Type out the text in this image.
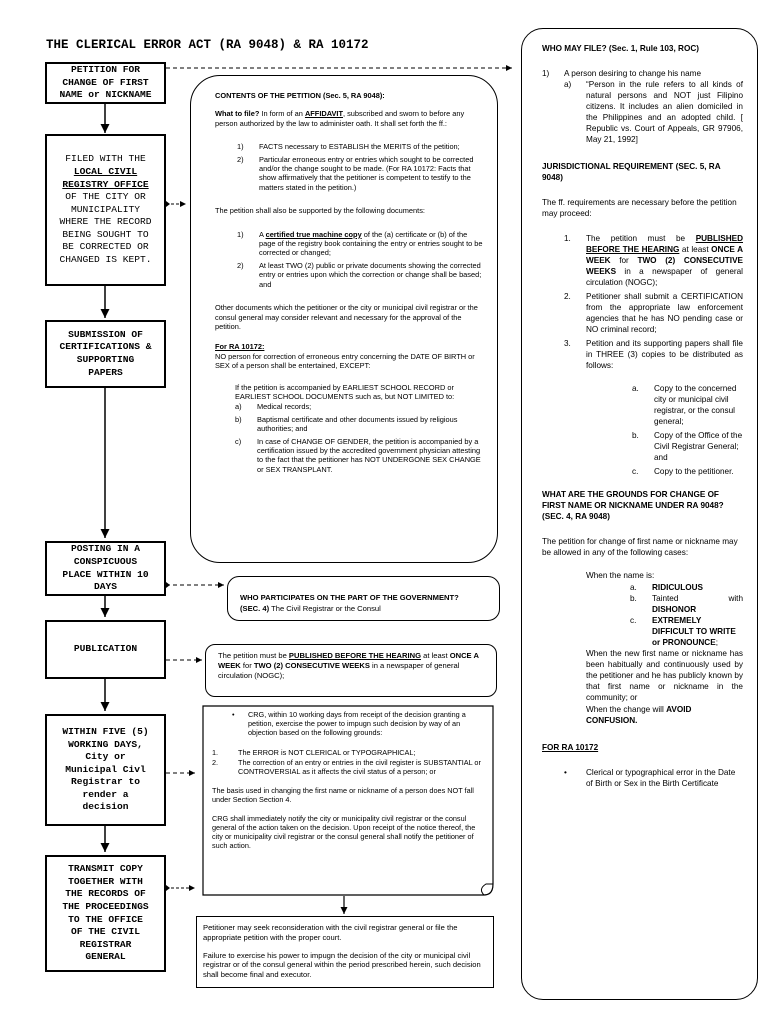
THE CLERICAL ERROR ACT (RA 9048) & RA 10172
PETITION FOR
CHANGE OF FIRST
NAME or NICKNAME
FILED WITH THE
LOCAL CIVIL
REGISTRY OFFICE
OF THE CITY OR
MUNICIPALITY
WHERE THE RECORD
BEING SOUGHT TO
BE CORRECTED OR
CHANGED IS KEPT.
SUBMISSION OF
CERTIFICATIONS &
SUPPORTING
PAPERS
POSTING IN A
CONSPICUOUS
PLACE WITHIN 10
DAYS
PUBLICATION
WITHIN FIVE (5)
WORKING DAYS,
City or
Municipal Civl
Registrar to
render a
decision
TRANSMIT COPY
TOGETHER WITH
THE RECORDS OF
THE PROCEEDINGS
TO THE OFFICE
OF THE CIVIL
REGISTRAR
GENERAL

CONTENTS OF THE PETITION (Sec. 5, RA 9048):

What to file? In form of an AFFIDAVIT, subscribed and sworn to before any person authorized by the law to administer oath. It shall set forth the ff.:

1)	FACTS necessary to ESTABLISH the MERITS of the petition;
2)	Particular erroneous entry or entries which sought to be corrected and/or the change sought to be made. (For RA 10172: Facts that show affirmatively that the petitioner is competent to testify to the matters stated in the petition.)

The petition shall also be supported by the following documents:

1)	A certified true machine copy of the (a) certificate or (b) of the page of the registry book containing the entry or entries sought to be corrected or changed;
2)	At least TWO (2) public or private documents showing the corrected entry or entries upon which the correction or change shall be based; and

Other documents which the petitioner or the city or municipal civil registrar or the consul general may consider relevant and necessary for the approval of the petition.

For RA 10172:

NO person for correction of erroneous entry concerning the DATE OF BIRTH or SEX of a person shall be entertained, EXCEPT:

If the petition is accompanied by EARLIEST SCHOOL RECORD or EARLIEST SCHOOL DOCUMENTS such as, but NOT LIMITED to:

a)	Medical records;
b)	Baptismal certificate and other documents issued by religious authorities; and
c)	In case of CHANGE OF GENDER, the petition is accompanied by a certification issued by the accredited government physician attesting to the fact that the petitioner has NOT UNDERGONE SEX CHANGE or SEX TRANSPLANT.
WHO PARTICIPATES ON THE PART OF THE GOVERNMENT?
(SEC. 4) The Civil Registrar or the Consul
The petition must be PUBLISHED BEFORE THE HEARING at least ONCE A WEEK for TWO (2) CONSECUTIVE WEEKS in a newspaper of general circulation (NOGC);
•	CRG, within 10 working days from receipt of the decision granting a petition, exercise the power to impugn such decision by way of an objection based on the following grounds:
1.	The ERROR is NOT CLERICAL or TYPOGRAPHICAL;
2.	The correction of an entry or entries in the civil register is SUBSTANTIAL or CONTROVERSIAL as it affects the civil status of a person; or

The basis used in changing the first name or nickname of a person does NOT fall under Section Section 4.

CRG shall immediately notify the city or municipality civil registrar or the consul general of the action taken on the decision. Upon receipt of the notice thereof, the city or municipality civil registrar or the consul general shall notify the petitioner of such action.

Petitioner may seek reconsideration with the civil registrar general or file the appropriate petition with the proper court.

Failure to exercise his power to impugn the decision of the city or municipal civil registrar or of the consul general within the period prescribed herein, such decision shall become final and executor.

WHO MAY FILE? (Sec. 1, Rule 103, ROC)

1)	A person desiring to change his name
a)	“Person in the rule refers to all kinds of natural persons and NOT just Filipino citizens. It includes an alien domiciled in the Philippines and an adopted child. [ Republic vs. Court of Appeals, GR 97906, May 21, 1992]

JURISDICTIONAL REQUIREMENT (SEC. 5, RA 9048)

The ff. requirements are necessary before the petition may proceed:

1.	The petition must be PUBLISHED BEFORE THE HEARING at least ONCE A WEEK for TWO (2) CONSECUTIVE WEEKS in a newspaper of general circulation (NOGC);
2.	Petitioner shall submit a CERTIFICATION from the appropriate law enforcement agencies that he has NO pending case or NO criminal record;
3.	Petition and its supporting papers shall file in THREE (3) copies to be distributed as follows:
a.	Copy to the concerned city or municipal civil registrar, or the consul general;
b.	Copy of the Office of the Civil Registrar General; and
c.	Copy to the petitioner.

WHAT ARE THE GROUNDS FOR CHANGE OF FIRST NAME OR NICKNAME UNDER RA 9048? (SEC. 4, RA 9048)

The petition for change of first name or nickname may be allowed in any of the following cases:

When the name is:

a.	RIDICULOUS
b.	Tainted	with
DISHONOR
c.	EXTREMELY DIFFICULT TO WRITE
or PRONOUNCE;

When the new first name or nickname has been habitually and continuously used by the petitioner and he has publicly known by that first name or nickname in the community; or

When the change will AVOID CONFUSION.

FOR RA 10172

•	Clerical or typographical error in the Date of Birth or Sex in the Birth Certificate
